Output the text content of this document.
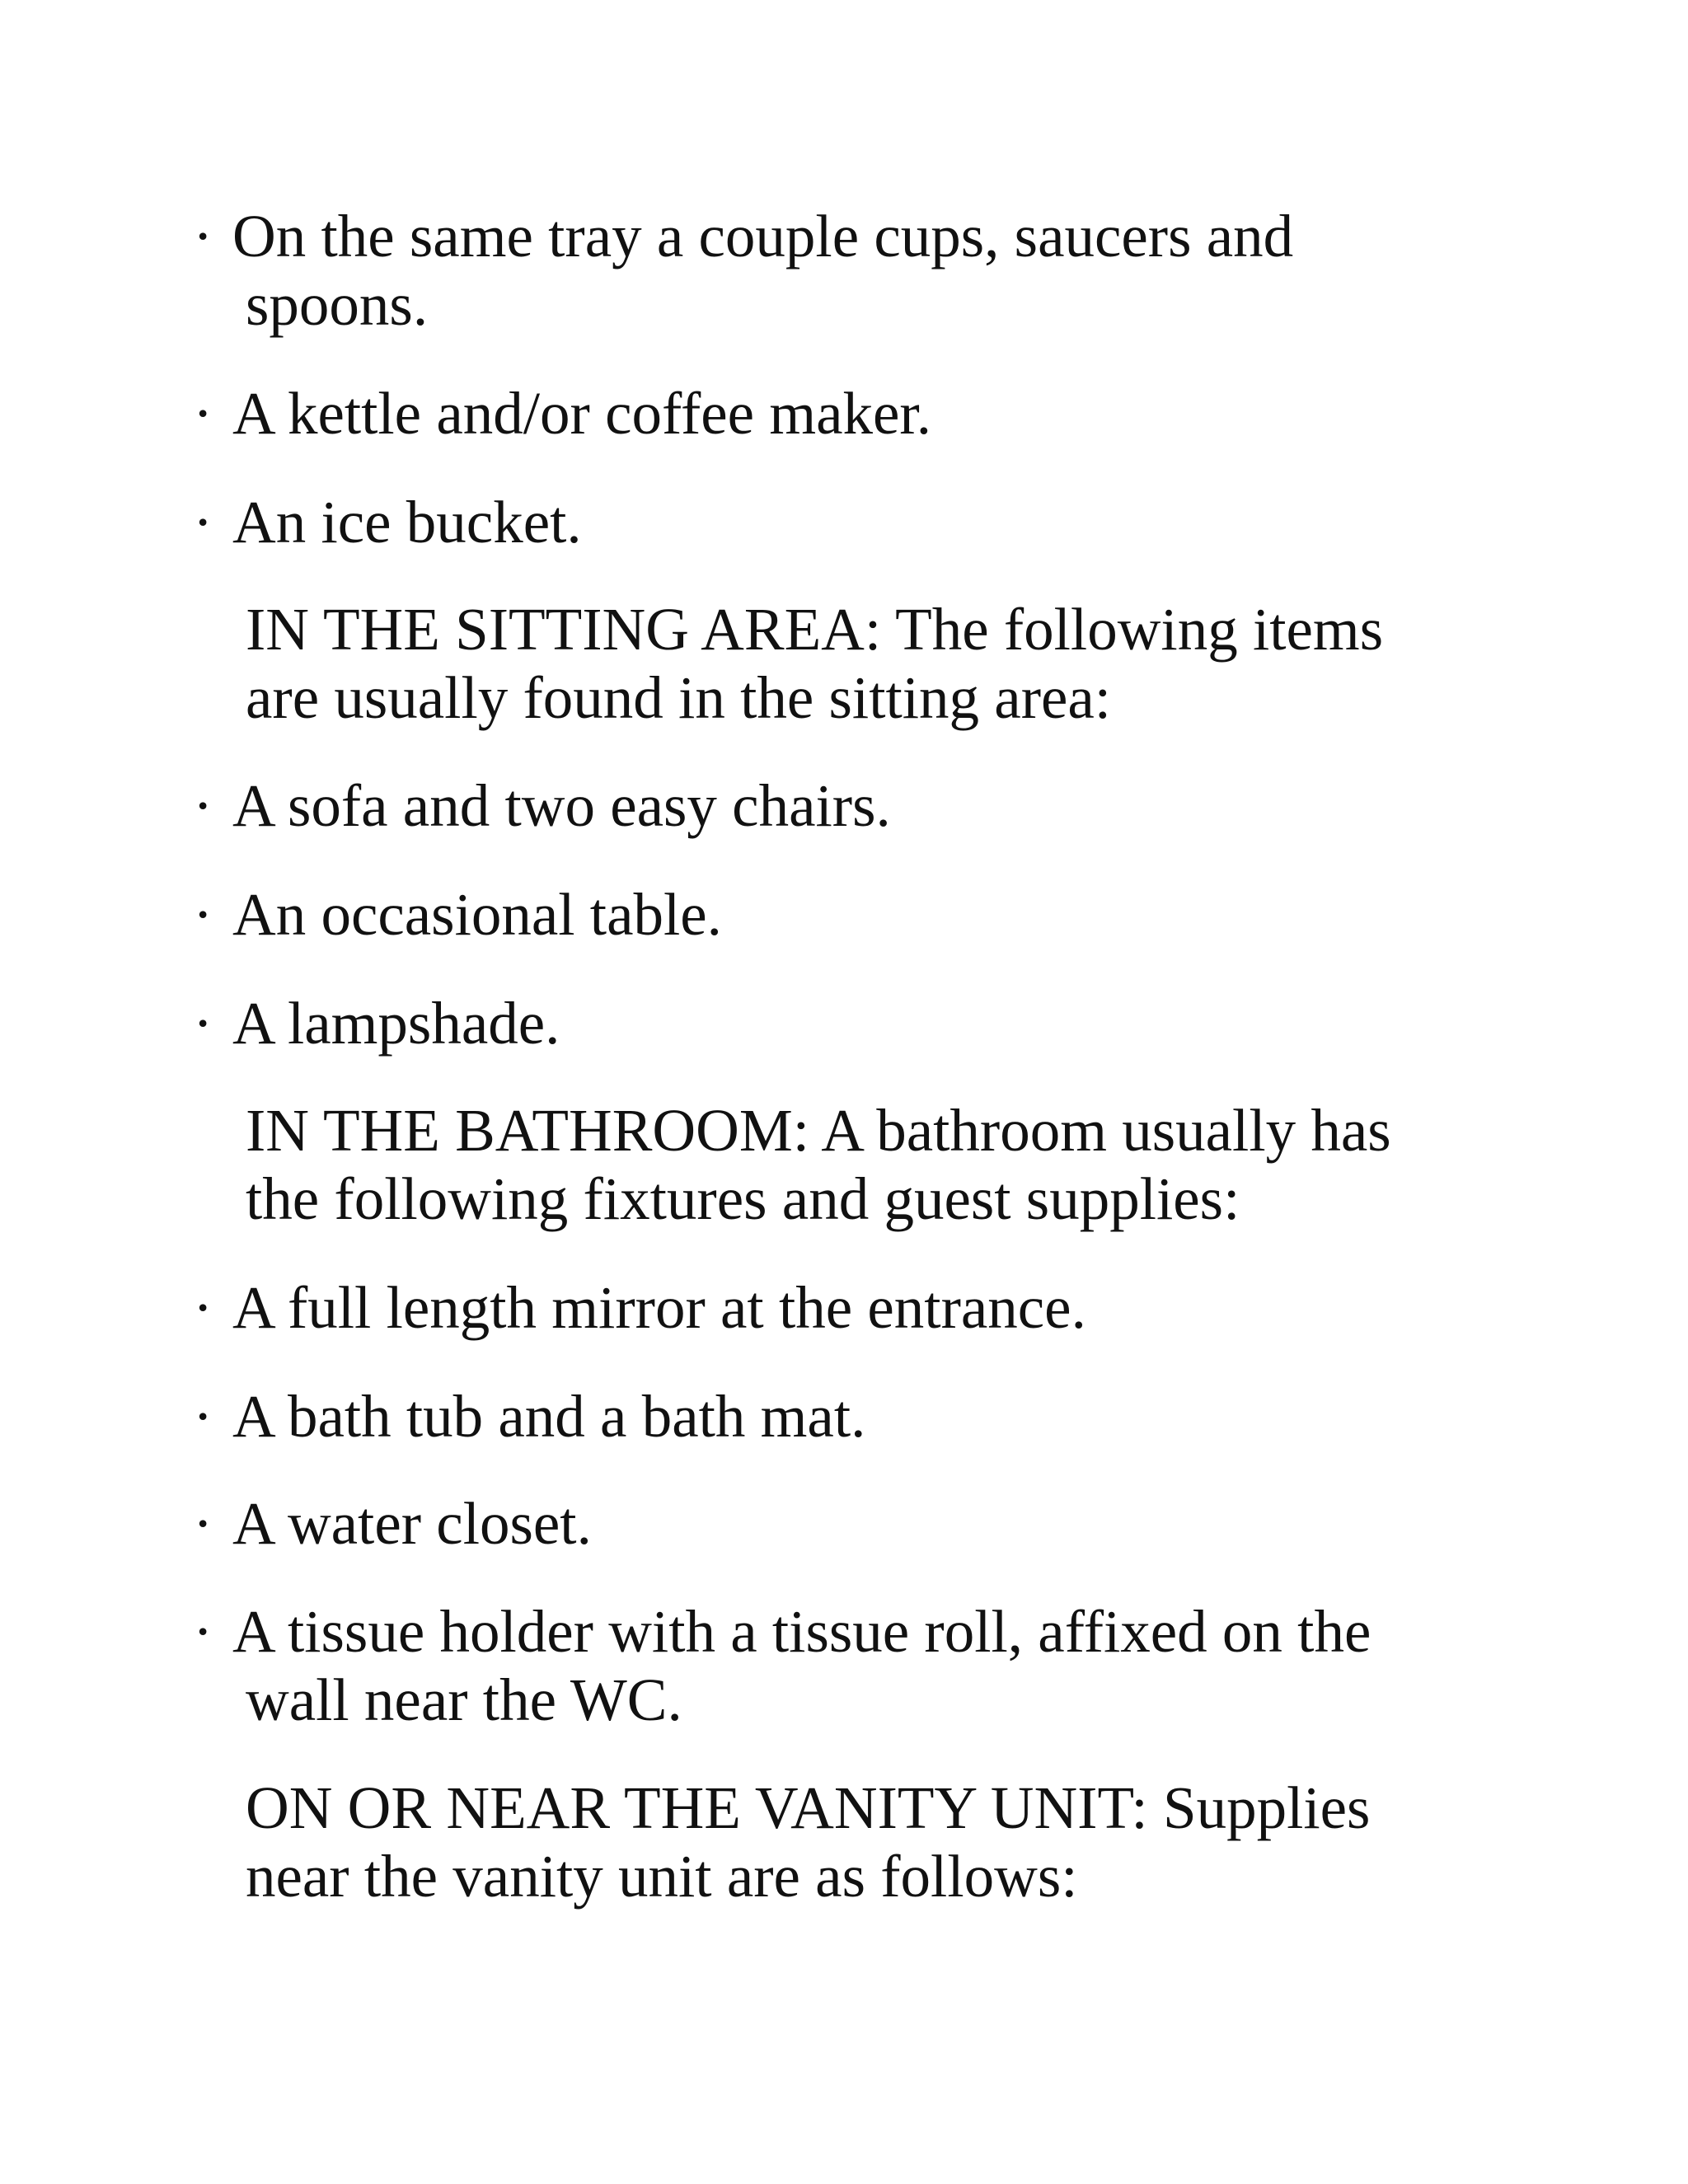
· On the same tray a couple cups, saucers and
spoons.
· A kettle and/or coffee maker.
· An ice bucket.
IN THE SITTING AREA: The following items
are usually found in the sitting area:
· A sofa and two easy chairs.
· An occasional table.
· A lampshade.
IN THE BATHROOM: A bathroom usually has
the following fixtures and guest supplies:
· A full length mirror at the entrance.
· A bath tub and a bath mat.
· A water closet.
· A tissue holder with a tissue roll, affixed on the
wall near the WC.
ON OR NEAR THE VANITY UNIT: Supplies
near the vanity unit are as follows:
